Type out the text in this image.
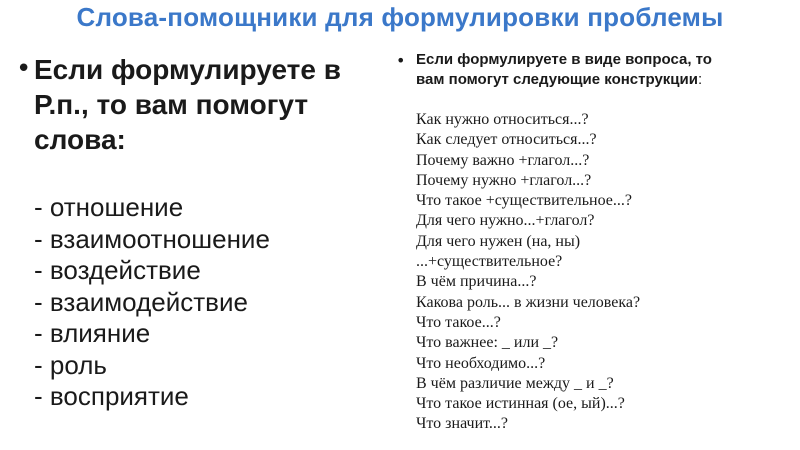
Слова-помощники для формулировки проблемы
• Если формулируете в
Р.п., то вам помогут
слова:
- отношение
- взаимоотношение
- воздействие
- взаимодействие
- влияние
- роль
- восприятие
• Если формулируете в виде вопроса, то
вам помогут следующие конструкции:
Как нужно относиться...?
Как следует относиться...?
Почему важно +глагол...?
Почему нужно +глагол...?
Что такое +существительное...?
Для чего нужно...+глагол?
Для чего нужен (на, ны)
...+существительное?
В чём причина...?
Какова роль... в жизни человека?
Что такое...?
Что важнее: _ или _?
Что необходимо...?
В чём различие между _ и _?
Что такое истинная (ое, ый)...?
Что значит...?
